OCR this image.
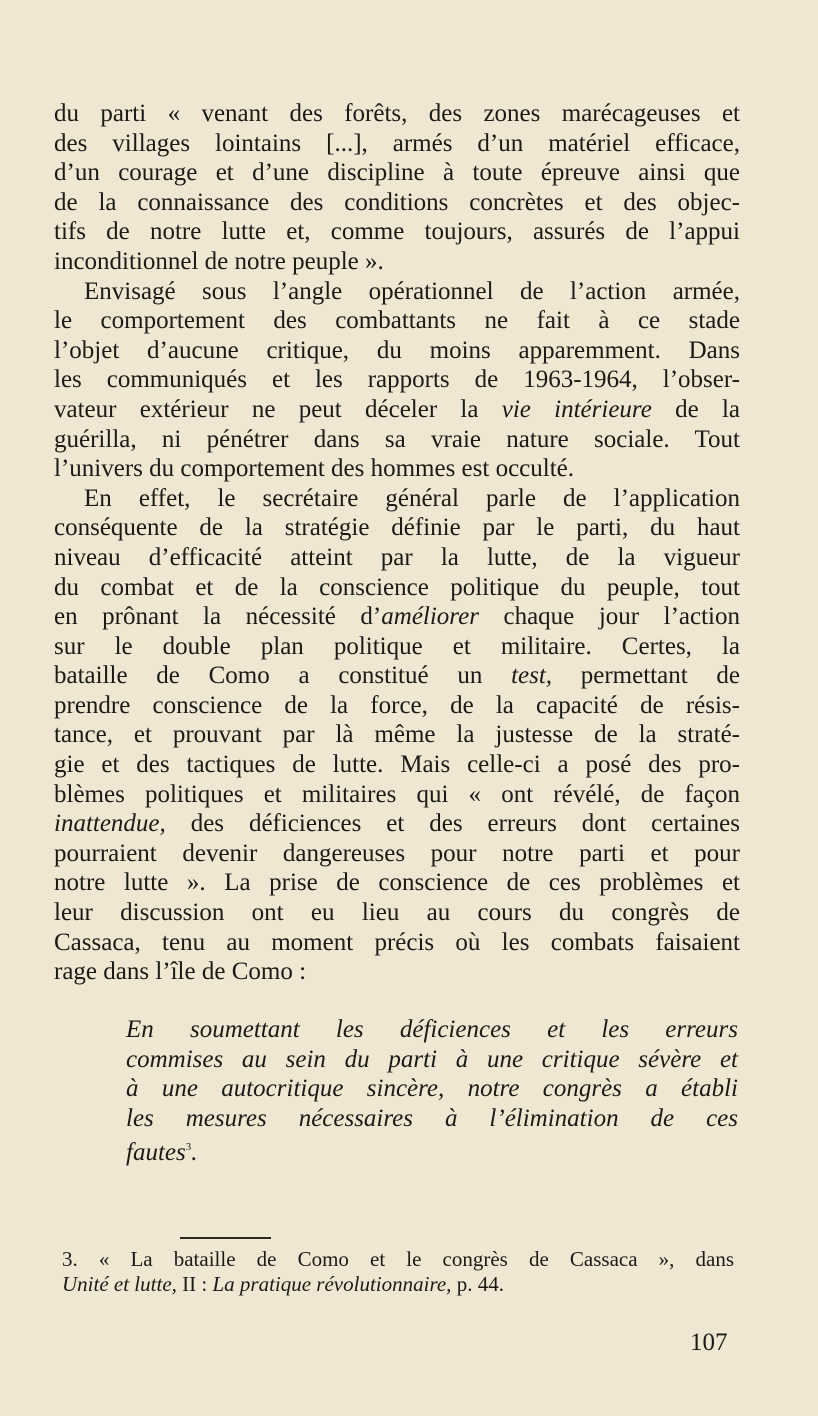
du parti « venant des forêts, des zones marécageuses et
des villages lointains [...], armés d’un matériel efficace,
d’un courage et d’une discipline à toute épreuve ainsi que
de la connaissance des conditions concrètes et des objec-
tifs de notre lutte et, comme toujours, assurés de l’appui
inconditionnel de notre peuple ».
Envisagé sous l’angle opérationnel de l’action armée,
le comportement des combattants ne fait à ce stade
l’objet d’aucune critique, du moins apparemment. Dans
les communiqués et les rapports de 1963-1964, l’obser-
vateur extérieur ne peut déceler la vie intérieure de la
guérilla, ni pénétrer dans sa vraie nature sociale. Tout
l’univers du comportement des hommes est occulté.
En effet, le secrétaire général parle de l’application
conséquente de la stratégie définie par le parti, du haut
niveau d’efficacité atteint par la lutte, de la vigueur
du combat et de la conscience politique du peuple, tout
en prônant la nécessité d’améliorer chaque jour l’action
sur le double plan politique et militaire. Certes, la
bataille de Como a constitué un test, permettant de
prendre conscience de la force, de la capacité de résis-
tance, et prouvant par là même la justesse de la straté-
gie et des tactiques de lutte. Mais celle-ci a posé des pro-
blèmes politiques et militaires qui « ont révélé, de façon
inattendue, des déficiences et des erreurs dont certaines
pourraient devenir dangereuses pour notre parti et pour
notre lutte ». La prise de conscience de ces problèmes et
leur discussion ont eu lieu au cours du congrès de
Cassaca, tenu au moment précis où les combats faisaient
rage dans l’île de Como :
En soumettant les déficiences et les erreurs
commises au sein du parti à une critique sévère et
à une autocritique sincère, notre congrès a établi
les mesures nécessaires à l’élimination de ces
fautes$^3$.
3. « La bataille de Como et le congrès de Cassaca », dans
Unité et lutte, II : La pratique révolutionnaire, p. 44.
107
